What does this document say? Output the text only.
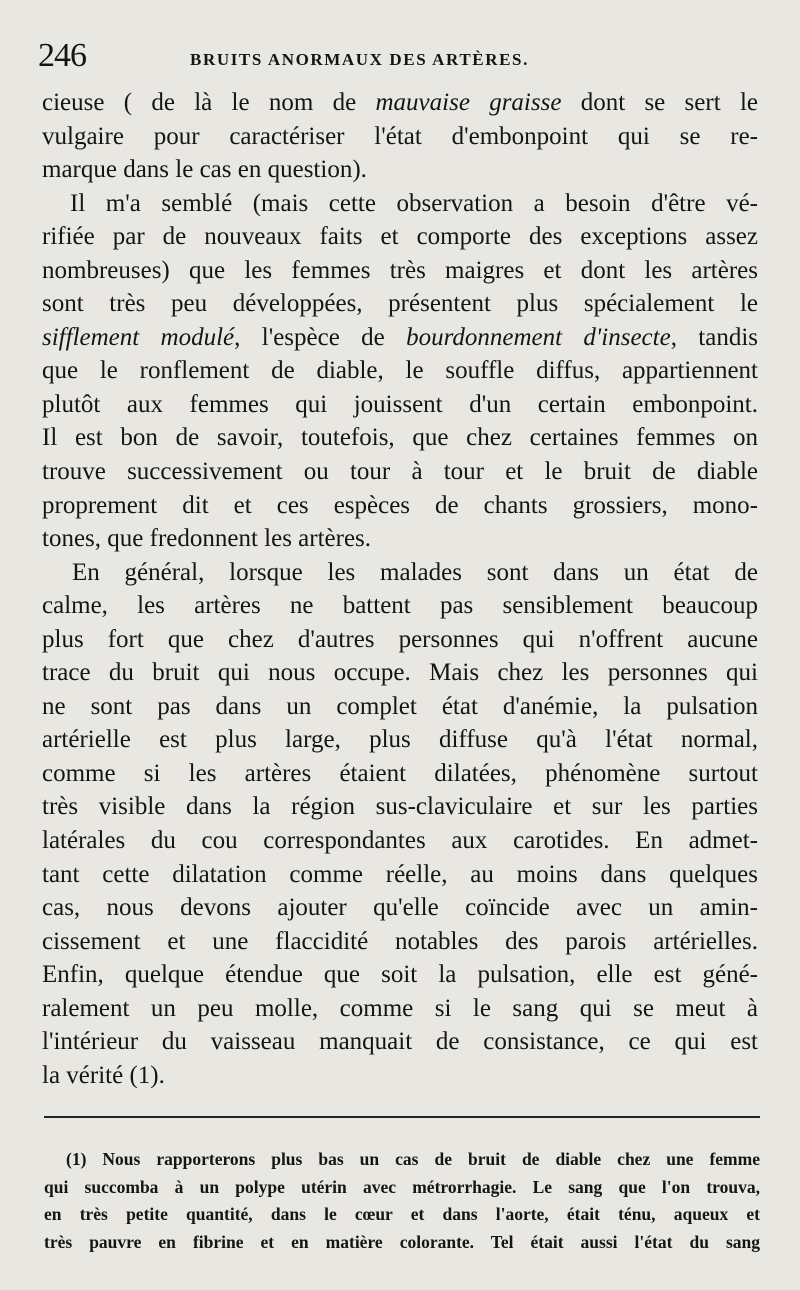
246	BRUITS ANORMAUX DES ARTÈRES.
cieuse ( de là le nom de mauvaise graisse dont se sert le
vulgaire pour caractériser l'état d'embonpoint qui se re-
marque dans le cas en question).
Il m'a semblé (mais cette observation a besoin d'être vé-
rifiée par de nouveaux faits et comporte des exceptions assez
nombreuses) que les femmes très maigres et dont les artères
sont très peu développées, présentent plus spécialement le
sifflement modulé, l'espèce de bourdonnement d'insecte, tandis
que le ronflement de diable, le souffle diffus, appartiennent
plutôt aux femmes qui jouissent d'un certain embonpoint.
Il est bon de savoir, toutefois, que chez certaines femmes on
trouve successivement ou tour à tour et le bruit de diable
proprement dit et ces espèces de chants grossiers, mono-
tones, que fredonnent les artères.
En général, lorsque les malades sont dans un état de
calme, les artères ne battent pas sensiblement beaucoup
plus fort que chez d'autres personnes qui n'offrent aucune
trace du bruit qui nous occupe. Mais chez les personnes qui
ne sont pas dans un complet état d'anémie, la pulsation
artérielle est plus large, plus diffuse qu'à l'état normal,
comme si les artères étaient dilatées, phénomène surtout
très visible dans la région sus-claviculaire et sur les parties
latérales du cou correspondantes aux carotides. En admet-
tant cette dilatation comme réelle, au moins dans quelques
cas, nous devons ajouter qu'elle coïncide avec un amin-
cissement et une flaccidité notables des parois artérielles.
Enfin, quelque étendue que soit la pulsation, elle est géné-
ralement un peu molle, comme si le sang qui se meut à
l'intérieur du vaisseau manquait de consistance, ce qui est
la vérité (1).
(1) Nous rapporterons plus bas un cas de bruit de diable chez une femme
qui succomba à un polype utérin avec métrorrhagie. Le sang que l'on trouva,
en très petite quantité, dans le cœur et dans l'aorte, était ténu, aqueux et
très pauvre en fibrine et en matière colorante. Tel était aussi l'état du sang
